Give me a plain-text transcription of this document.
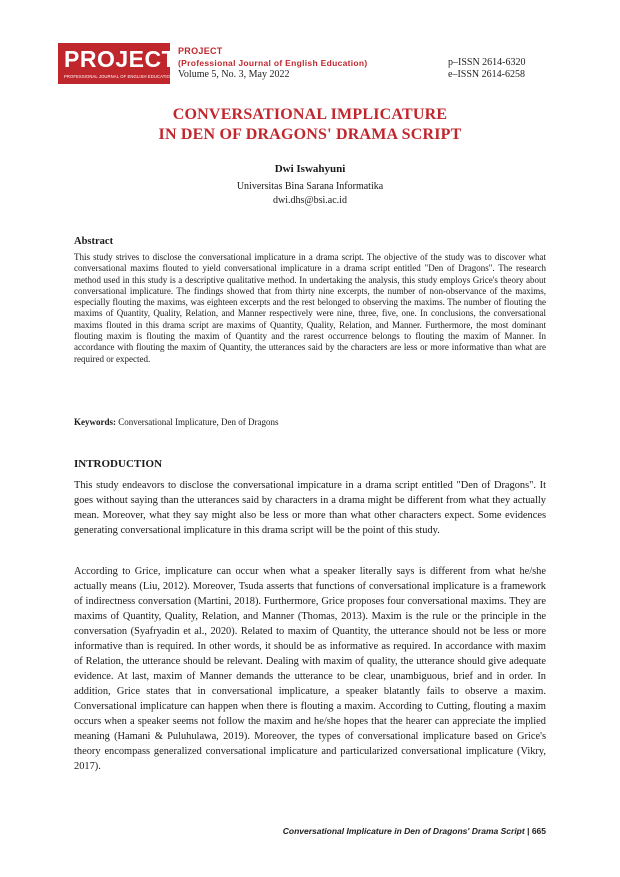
PROJECT
PROFESSIONAL JOURNAL OF ENGLISH EDUCATION
PROJECT
(Professional Journal of English Education)
Volume 5, No. 3, May 2022
p–ISSN 2614-6320
e–ISSN 2614-6258
CONVERSATIONAL IMPLICATURE
IN DEN OF DRAGONS' DRAMA SCRIPT
Dwi Iswahyuni
Universitas Bina Sarana Informatika
dwi.dhs@bsi.ac.id
Abstract
This study strives to disclose the conversational implicature in a drama script. The objective of the study was to discover what conversational maxims flouted to yield conversational implicature in a drama script entitled "Den of Dragons". The research method used in this study is a descriptive qualitative method. In undertaking the analysis, this study employs Grice's theory about conversational implicature. The findings showed that from thirty nine excerpts, the number of non-observance of the maxims, especially flouting the maxims, was eighteen excerpts and the rest belonged to observing the maxims. The number of flouting the maxims of Quantity, Quality, Relation, and Manner respectively were nine, three, five, one. In conclusions, the conversational maxims flouted in this drama script are maxims of Quantity, Quality, Relation, and Manner. Furthermore, the most dominant flouting maxim is flouting the maxim of Quantity and the rarest occurrence belongs to flouting the maxim of Manner. In accordance with flouting the maxim of Quantity, the utterances said by the characters are less or more informative than what are required or expected.
Keywords: Conversational Implicature, Den of Dragons
INTRODUCTION
This study endeavors to disclose the conversational impicature in a drama script entitled "Den of Dragons". It goes without saying than the utterances said by characters in a drama might be different from what they actually mean. Moreover, what they say might also be less or more than what other characters expect. Some evidences generating conversational implicature in this drama script will be the point of this study.
According to Grice, implicature can occur when what a speaker literally says is different from what he/she actually means (Liu, 2012). Moreover, Tsuda asserts that functions of conversational implicature is a framework of indirectness conversation (Martini, 2018). Furthermore, Grice proposes four conversational maxims. They are maxims of Quantity, Quality, Relation, and Manner (Thomas, 2013). Maxim is the rule or the principle in the conversation (Syafryadin et al., 2020). Related to maxim of Quantity, the utterance should not be less or more informative than is required. In other words, it should be as informative as required. In accordance with maxim of Relation, the utterance should be relevant. Dealing with maxim of quality, the utterance should give adequate evidence. At last, maxim of Manner demands the utterance to be clear, unambiguous, brief and in order. In addition, Grice states that in conversational implicature, a speaker blatantly fails to observe a maxim. Conversational implicature can happen when there is flouting a maxim. According to Cutting, flouting a maxim occurs when a speaker seems not follow the maxim and he/she hopes that the hearer can appreciate the implied meaning (Hamani & Puluhulawa, 2019). Moreover, the types of conversational implicature based on Grice's theory encompass generalized conversational implicature and particularized conversational implicature (Vikry, 2017).
Conversational Implicature in Den of Dragons' Drama Script | 665
